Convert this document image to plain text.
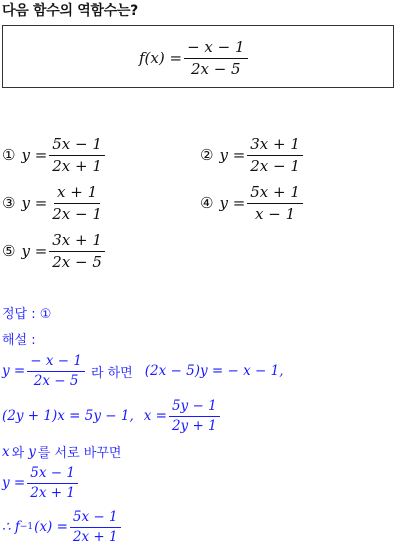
다음 함수의 역함수는?
$f(x) = \frac{- x - 1}{2x - 5}$
① $y = \frac{5x - 1}{2x + 1}$	② $y = \frac{3x + 1}{2x - 1}$
③ $y = \frac{x + 1}{2x - 1}$	④ $y = \frac{5x + 1}{x - 1}$
⑤ $y = \frac{3x + 1}{2x - 5}$
정답 : ①
해설 :
$y = \frac{- x - 1}{2x - 5}$ 라 하면 (2x − 5)y = − x − 1,
(2y + 1)x = 5y − 1, $x = \frac{5y - 1}{2y + 1}$
x 와 y 를 서로 바꾸면
$y = \frac{5x - 1}{2x + 1}$
∴ f −1 $(x) = \frac{5x - 1}{2x + 1}$
